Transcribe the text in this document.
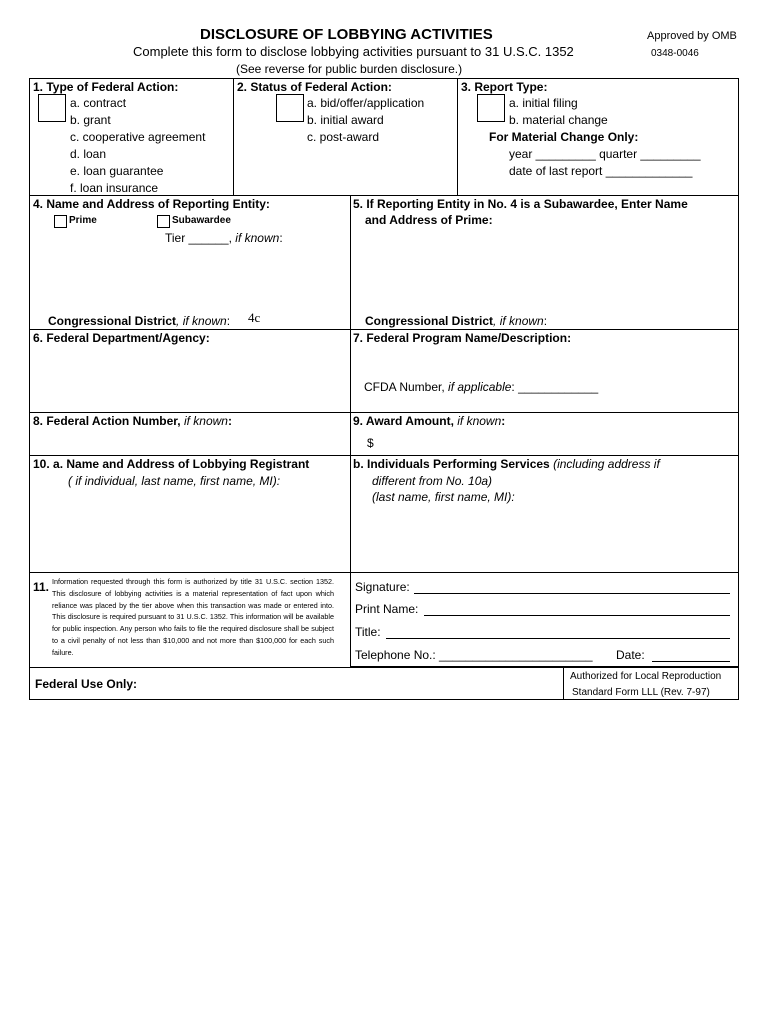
DISCLOSURE OF LOBBYING ACTIVITIES	Approved by OMB
0348-0046
Complete this form to disclose lobbying activities pursuant to 31 U.S.C. 1352
(See reverse for public burden disclosure.)
1. Type of Federal Action:
a. contract
b. grant
c. cooperative agreement
d. loan
e. loan guarantee
f. loan insurance
2. Status of Federal Action:
a. bid/offer/application
b. initial award
c. post-award
3. Report Type:
a. initial filing
b. material change
For Material Change Only:
year _________ quarter _________
date of last report _____________
4. Name and Address of Reporting Entity:
Prime	Subawardee
Tier ______, if known:
Congressional District, if known: 4c
5. If Reporting Entity in No. 4 is a Subawardee, Enter Name
and Address of Prime:
Congressional District, if known:
6. Federal Department/Agency:	7. Federal Program Name/Description:
CFDA Number, if applicable: ____________
8. Federal Action Number, if known:	9. Award Amount, if known:
$
10. a. Name and Address of Lobbying Registrant
( if individual, last name, first name, MI):
b. Individuals Performing Services (including address if
different from No. 10a)
(last name, first name, MI):
11. Information requested through this form is authorized by title 31 U.S.C. section 1352. This disclosure of lobbying activities is a material representation of fact upon which reliance was placed by the tier above when this transaction was made or entered into. This disclosure is required pursuant to 31 U.S.C. 1352. This information will be available for public inspection. Any person who fails to file the required disclosure shall be subject to a civil penalty of not less than $10,000 and not more than $100,000 for each such failure.
Signature:
Print Name:
Title:
Telephone No.: _______________________ Date:
Federal Use Only:
Authorized for Local Reproduction
Standard Form LLL (Rev. 7-97)
